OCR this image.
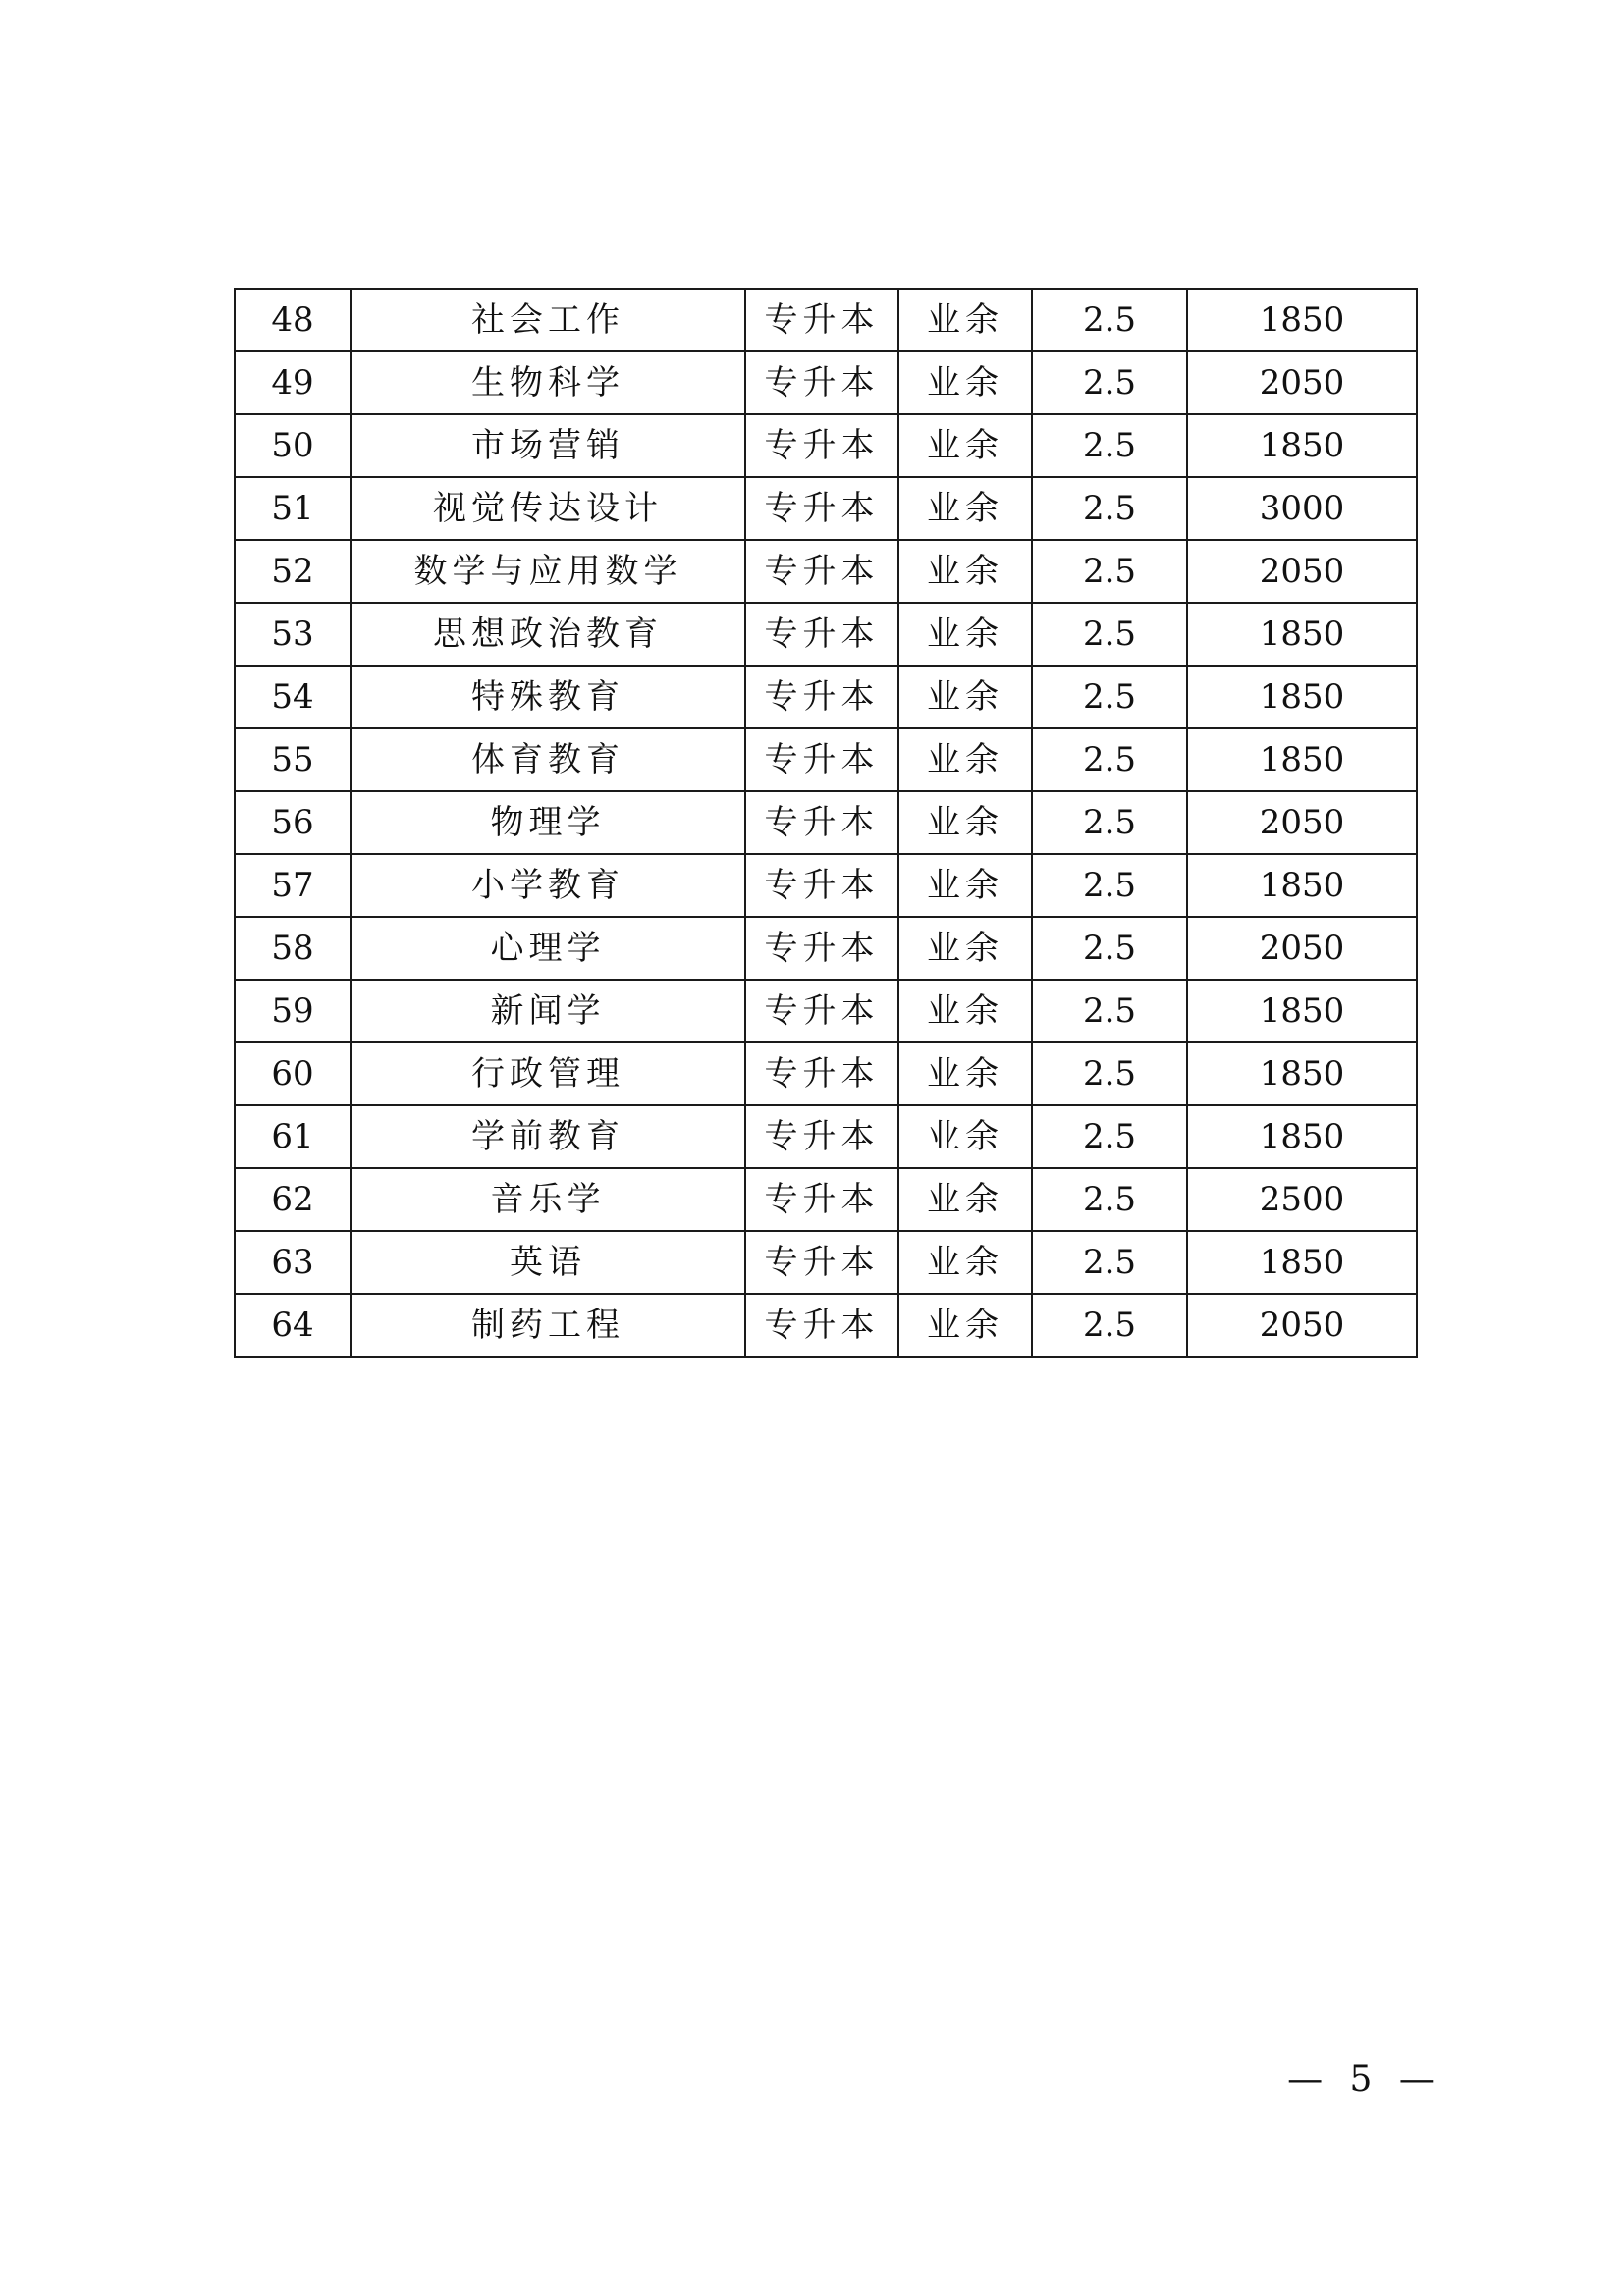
48	社会工作	专升本	业余	2.5	1850
49	生物科学	专升本	业余	2.5	2050
50	市场营销	专升本	业余	2.5	1850
51	视觉传达设计	专升本	业余	2.5	3000
52	数学与应用数学	专升本	业余	2.5	2050
53	思想政治教育	专升本	业余	2.5	1850
54	特殊教育	专升本	业余	2.5	1850
55	体育教育	专升本	业余	2.5	1850
56	物理学	专升本	业余	2.5	2050
57	小学教育	专升本	业余	2.5	1850
58	心理学	专升本	业余	2.5	2050
59	新闻学	专升本	业余	2.5	1850
60	行政管理	专升本	业余	2.5	1850
61	学前教育	专升本	业余	2.5	1850
62	音乐学	专升本	业余	2.5	2500
63	英语	专升本	业余	2.5	1850
64	制药工程	专升本	业余	2.5	2050
— 5 —
